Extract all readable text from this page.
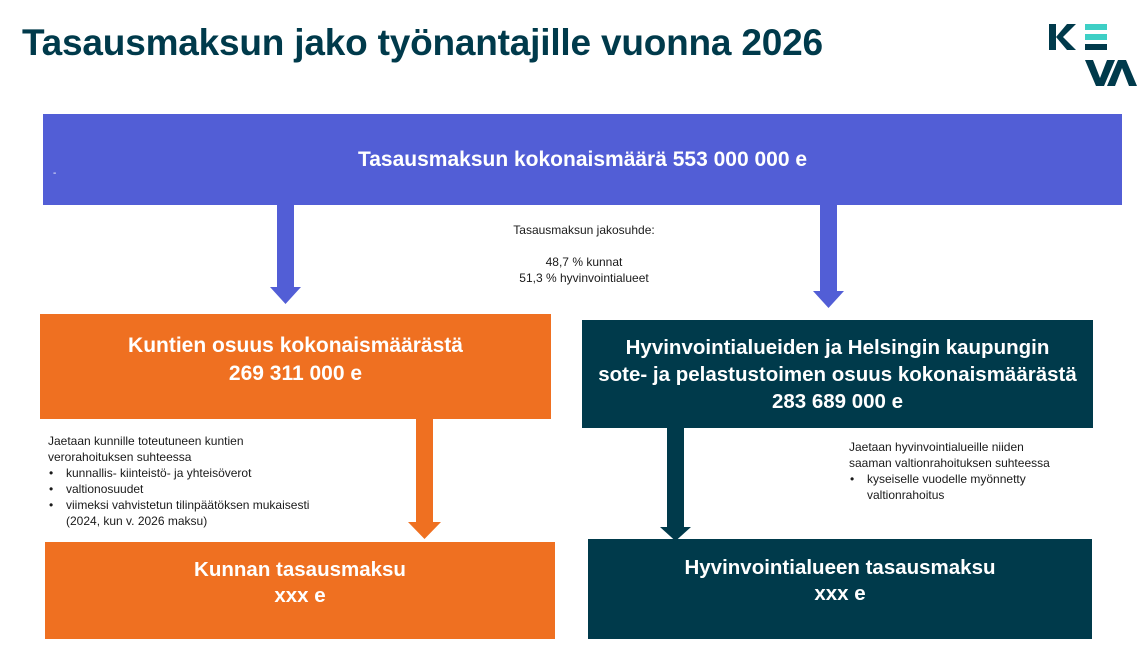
Tasausmaksun jako työnantajille vuonna 2026
Tasausmaksun kokonaismäärä 553 000 000 e
-
Tasausmaksun jakosuhde:
48,7 % kunnat
51,3 % hyvinvointialueet
Kuntien osuus kokonaismäärästä
269 311 000 e
Hyvinvointialueiden ja Helsingin kaupungin
sote- ja pelastustoimen osuus kokonaismäärästä
283 689 000 e
Jaetaan kunnille toteutuneen kuntien
verorahoituksen suhteessa
• kunnallis- kiinteistö- ja yhteisöverot
• valtionosuudet
• viimeksi vahvistetun tilinpäätöksen mukaisesti
(2024, kun v. 2026 maksu)
Jaetaan hyvinvointialueille niiden
saaman valtionrahoituksen suhteessa
• kyseiselle vuodelle myönnetty
valtionrahoitus
Kunnan tasausmaksu
xxx e
Hyvinvointialueen tasausmaksu
xxx e
